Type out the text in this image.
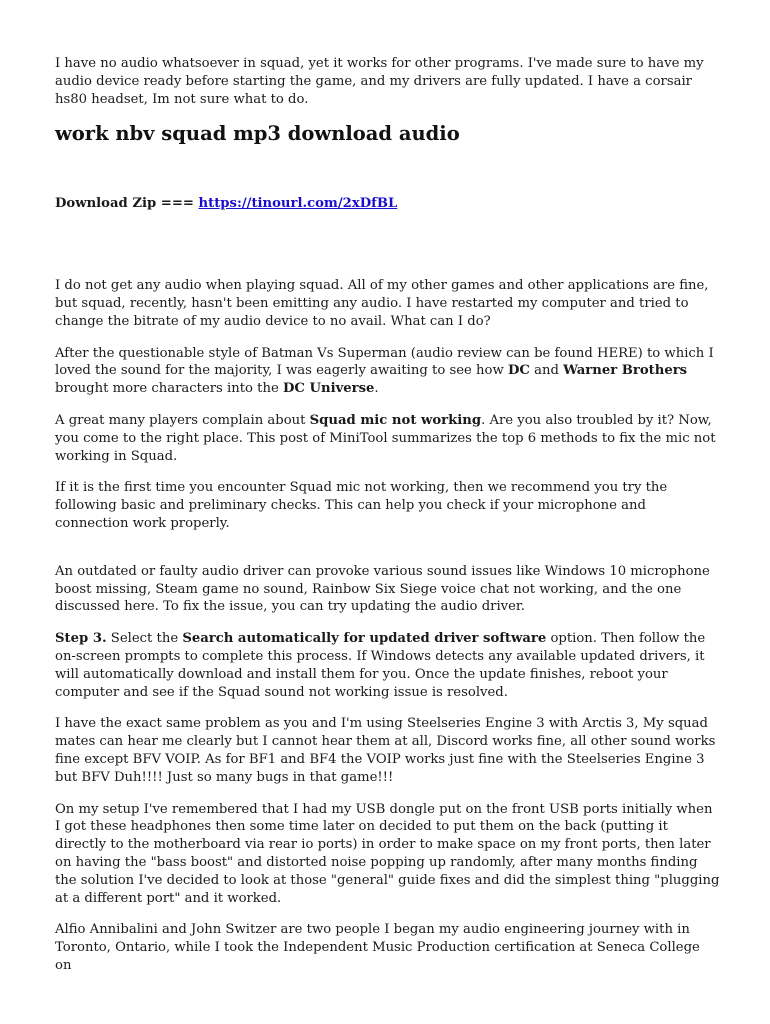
I have no audio whatsoever in squad, yet it works for other programs. I've made sure to have my audio device ready before starting the game, and my drivers are fully updated. I have a corsair hs80 headset, Im not sure what to do.

work nbv squad mp3 download audio

Download Zip === https://tinourl.com/2xDfBL

I do not get any audio when playing squad. All of my other games and other applications are fine, but squad, recently, hasn't been emitting any audio. I have restarted my computer and tried to change the bitrate of my audio device to no avail. What can I do?

After the questionable style of Batman Vs Superman (audio review can be found HERE) to which I loved the sound for the majority, I was eagerly awaiting to see how DC and Warner Brothers brought more characters into the DC Universe.

A great many players complain about Squad mic not working. Are you also troubled by it? Now, you come to the right place. This post of MiniTool summarizes the top 6 methods to fix the mic not working in Squad.

If it is the first time you encounter Squad mic not working, then we recommend you try the following basic and preliminary checks. This can help you check if your microphone and connection work properly.

An outdated or faulty audio driver can provoke various sound issues like Windows 10 microphone boost missing, Steam game no sound, Rainbow Six Siege voice chat not working, and the one discussed here. To fix the issue, you can try updating the audio driver.

Step 3. Select the Search automatically for updated driver software option. Then follow the on-screen prompts to complete this process. If Windows detects any available updated drivers, it will automatically download and install them for you. Once the update finishes, reboot your computer and see if the Squad sound not working issue is resolved.

I have the exact same problem as you and I'm using Steelseries Engine 3 with Arctis 3, My squad mates can hear me clearly but I cannot hear them at all, Discord works fine, all other sound works fine except BFV VOIP. As for BF1 and BF4 the VOIP works just fine with the Steelseries Engine 3 but BFV Duh!!!! Just so many bugs in that game!!!

On my setup I've remembered that I had my USB dongle put on the front USB ports initially when I got these headphones then some time later on decided to put them on the back (putting it directly to the motherboard via rear io ports) in order to make space on my front ports, then later on having the "bass boost" and distorted noise popping up randomly, after many months finding the solution I've decided to look at those "general" guide fixes and did the simplest thing "plugging at a different port" and it worked.

Alfio Annibalini and John Switzer are two people I began my audio engineering journey with in Toronto, Ontario, while I took the Independent Music Production certification at Seneca College on
